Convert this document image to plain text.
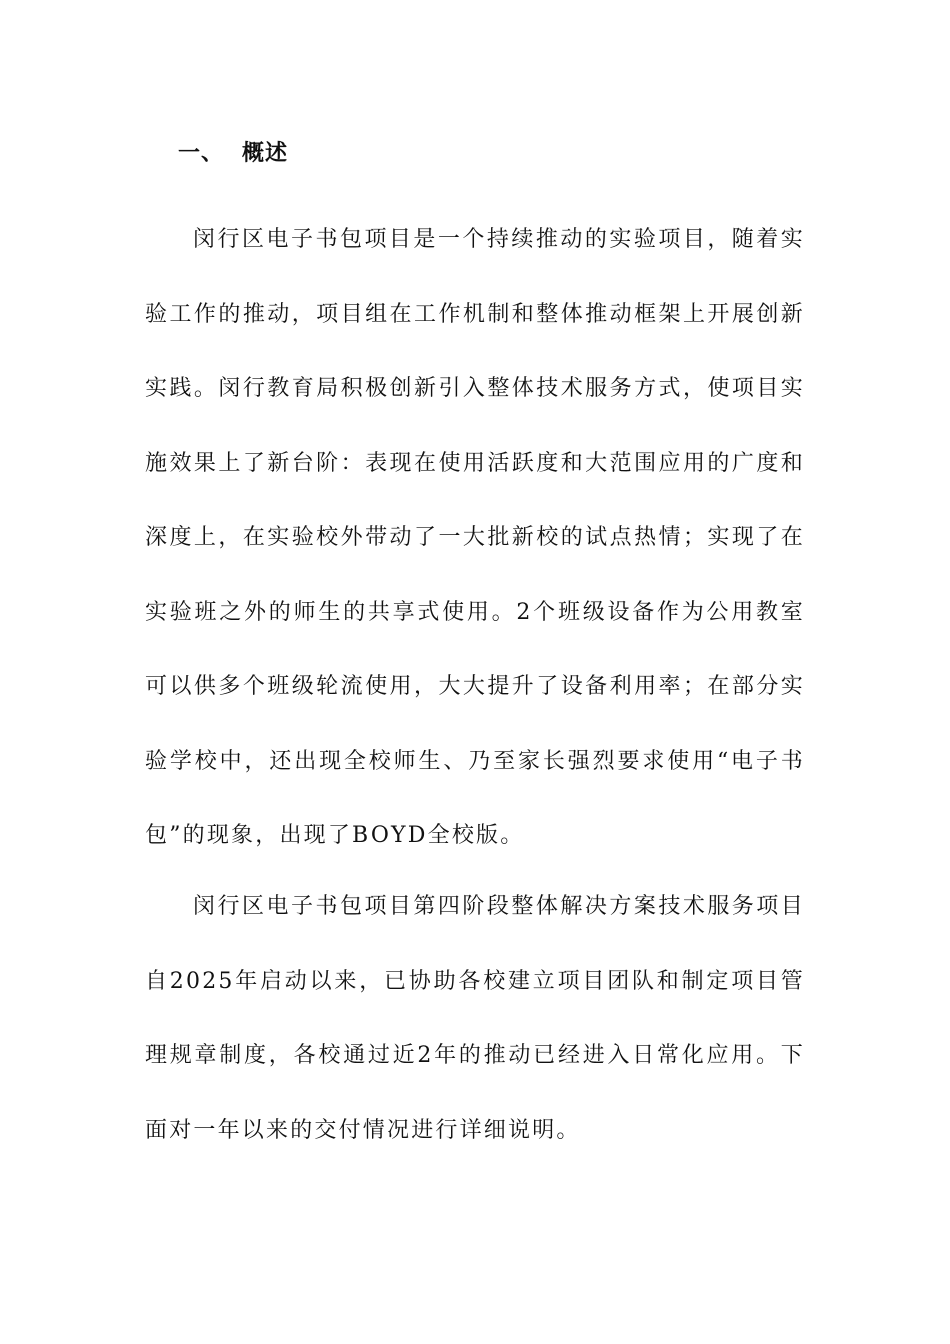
一、 概述

闵行区电子书包项目是一个持续推动的实验项目，随着实验工作的推动，项目组在工作机制和整体推动框架上开展创新实践。闵行教育局积极创新引入整体技术服务方式，使项目实施效果上了新台阶：表现在使用活跃度和大范围应用的广度和深度上，在实验校外带动了一大批新校的试点热情；实现了在实验班之外的师生的共享式使用。2个班级设备作为公用教室可以供多个班级轮流使用，大大提升了设备利用率；在部分实验学校中，还出现全校师生、乃至家长强烈要求使用“电子书包”的现象，出现了BOYD全校版。

闵行区电子书包项目第四阶段整体解决方案技术服务项目自2025年启动以来，已协助各校建立项目团队和制定项目管理规章制度，各校通过近2年的推动已经进入日常化应用。下面对一年以来的交付情况进行详细说明。
